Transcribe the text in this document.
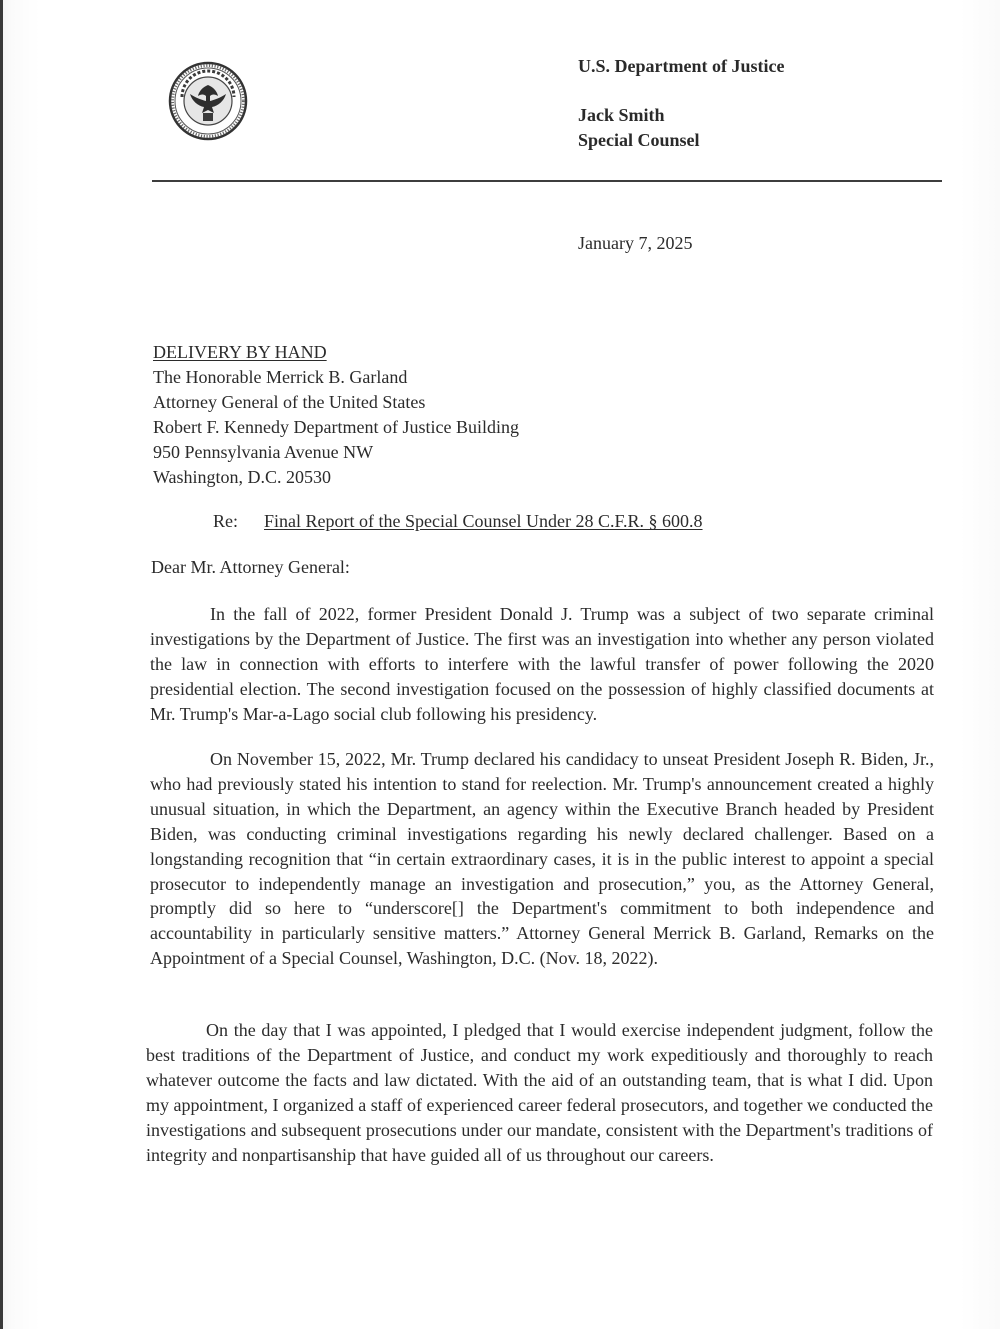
U.S. Department of Justice
Jack Smith
Special Counsel
January 7, 2025
DELIVERY BY HAND
The Honorable Merrick B. Garland
Attorney General of the United States
Robert F. Kennedy Department of Justice Building
950 Pennsylvania Avenue NW
Washington, D.C. 20530
Re: Final Report of the Special Counsel Under 28 C.F.R. § 600.8
Dear Mr. Attorney General:

In the fall of 2022, former President Donald J. Trump was a subject of two separate criminal investigations by the Department of Justice. The first was an investigation into whether any person violated the law in connection with efforts to interfere with the lawful transfer of power following the 2020 presidential election. The second investigation focused on the possession of highly classified documents at Mr. Trump's Mar-a-Lago social club following his presidency.

On November 15, 2022, Mr. Trump declared his candidacy to unseat President Joseph R. Biden, Jr., who had previously stated his intention to stand for reelection. Mr. Trump's announcement created a highly unusual situation, in which the Department, an agency within the Executive Branch headed by President Biden, was conducting criminal investigations regarding his newly declared challenger. Based on a longstanding recognition that “in certain extraordinary cases, it is in the public interest to appoint a special prosecutor to independently manage an investigation and prosecution,” you, as the Attorney General, promptly did so here to “underscore[] the Department's commitment to both independence and accountability in particularly sensitive matters.” Attorney General Merrick B. Garland, Remarks on the Appointment of a Special Counsel, Washington, D.C. (Nov. 18, 2022).

On the day that I was appointed, I pledged that I would exercise independent judgment, follow the best traditions of the Department of Justice, and conduct my work expeditiously and thoroughly to reach whatever outcome the facts and law dictated. With the aid of an outstanding team, that is what I did. Upon my appointment, I organized a staff of experienced career federal prosecutors, and together we conducted the investigations and subsequent prosecutions under our mandate, consistent with the Department's traditions of integrity and nonpartisanship that have guided all of us throughout our careers.
